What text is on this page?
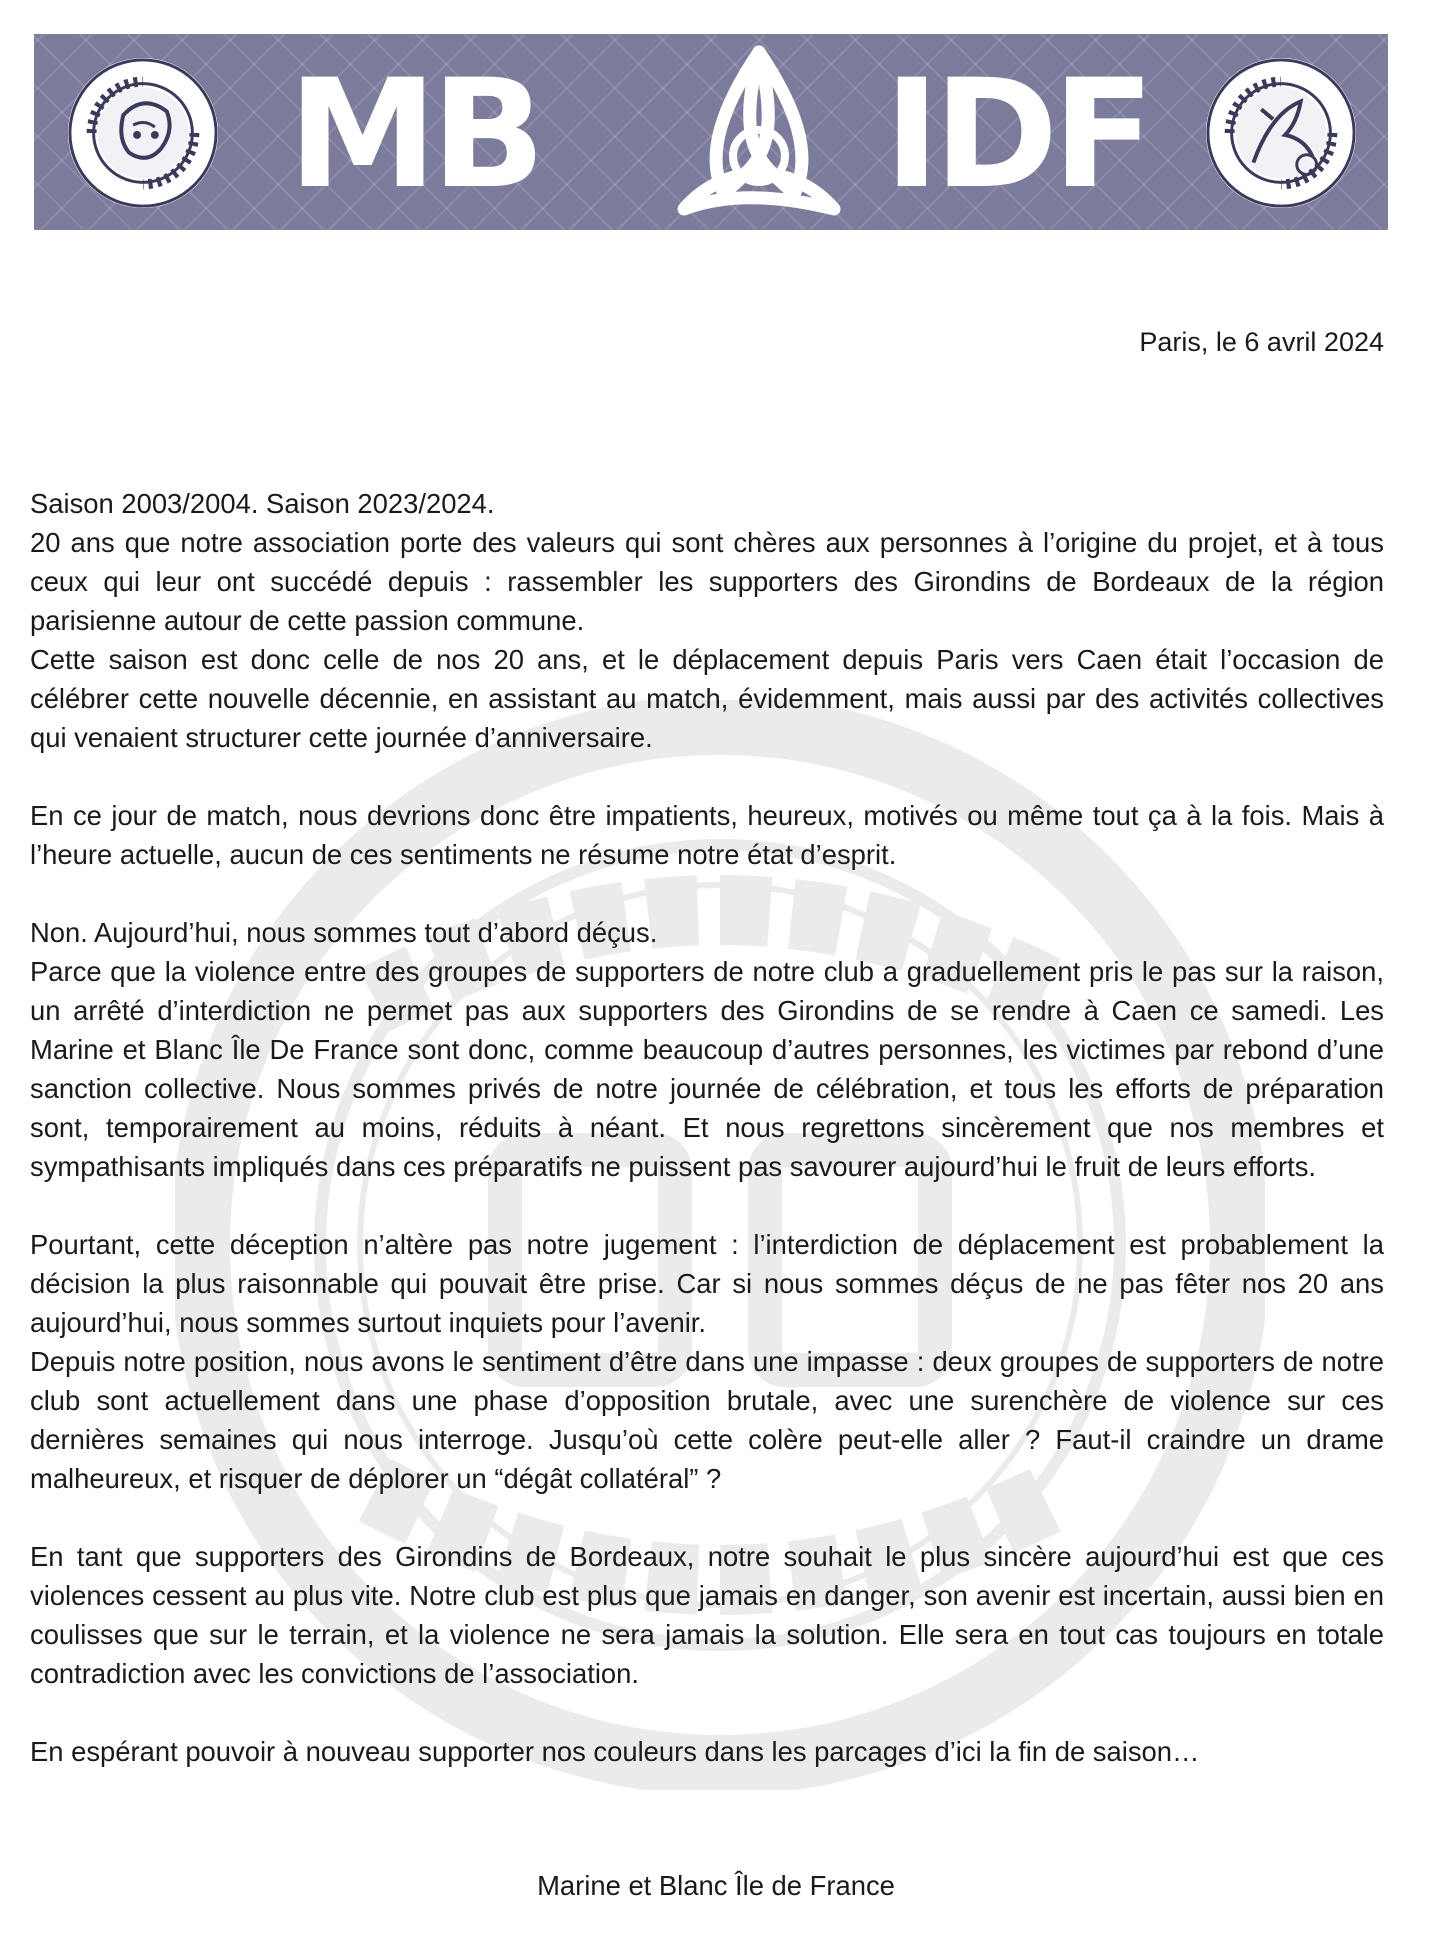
MB IDF
Paris, le 6 avril 2024

Saison 2003/2004. Saison 2023/2024.

20 ans que notre association porte des valeurs qui sont chères aux personnes à l’origine du projet, et à tous ceux qui leur ont succédé depuis : rassembler les supporters des Girondins de Bordeaux de la région parisienne autour de cette passion commune.

Cette saison est donc celle de nos 20 ans, et le déplacement depuis Paris vers Caen était l’occasion de célébrer cette nouvelle décennie, en assistant au match, évidemment, mais aussi par des activités collectives qui venaient structurer cette journée d’anniversaire.

En ce jour de match, nous devrions donc être impatients, heureux, motivés ou même tout ça à la fois. Mais à l’heure actuelle, aucun de ces sentiments ne résume notre état d’esprit.

Non. Aujourd’hui, nous sommes tout d’abord déçus.

Parce que la violence entre des groupes de supporters de notre club a graduellement pris le pas sur la raison, un arrêté d’interdiction ne permet pas aux supporters des Girondins de se rendre à Caen ce samedi. Les Marine et Blanc Île De France sont donc, comme beaucoup d’autres personnes, les victimes par rebond d’une sanction collective. Nous sommes privés de notre journée de célébration, et tous les efforts de préparation sont, temporairement au moins, réduits à néant. Et nous regrettons sincèrement que nos membres et sympathisants impliqués dans ces préparatifs ne puissent pas savourer aujourd’hui le fruit de leurs efforts.

Pourtant, cette déception n’altère pas notre jugement : l’interdiction de déplacement est probablement la décision la plus raisonnable qui pouvait être prise. Car si nous sommes déçus de ne pas fêter nos 20 ans aujourd’hui, nous sommes surtout inquiets pour l’avenir.

Depuis notre position, nous avons le sentiment d’être dans une impasse : deux groupes de supporters de notre club sont actuellement dans une phase d’opposition brutale, avec une surenchère de violence sur ces dernières semaines qui nous interroge. Jusqu’où cette colère peut-elle aller ? Faut-il craindre un drame malheureux, et risquer de déplorer un “dégât collatéral” ?

En tant que supporters des Girondins de Bordeaux, notre souhait le plus sincère aujourd’hui est que ces violences cessent au plus vite. Notre club est plus que jamais en danger, son avenir est incertain, aussi bien en coulisses que sur le terrain, et la violence ne sera jamais la solution. Elle sera en tout cas toujours en totale contradiction avec les convictions de l’association.

En espérant pouvoir à nouveau supporter nos couleurs dans les parcages d’ici la fin de saison…

Marine et Blanc Île de France
